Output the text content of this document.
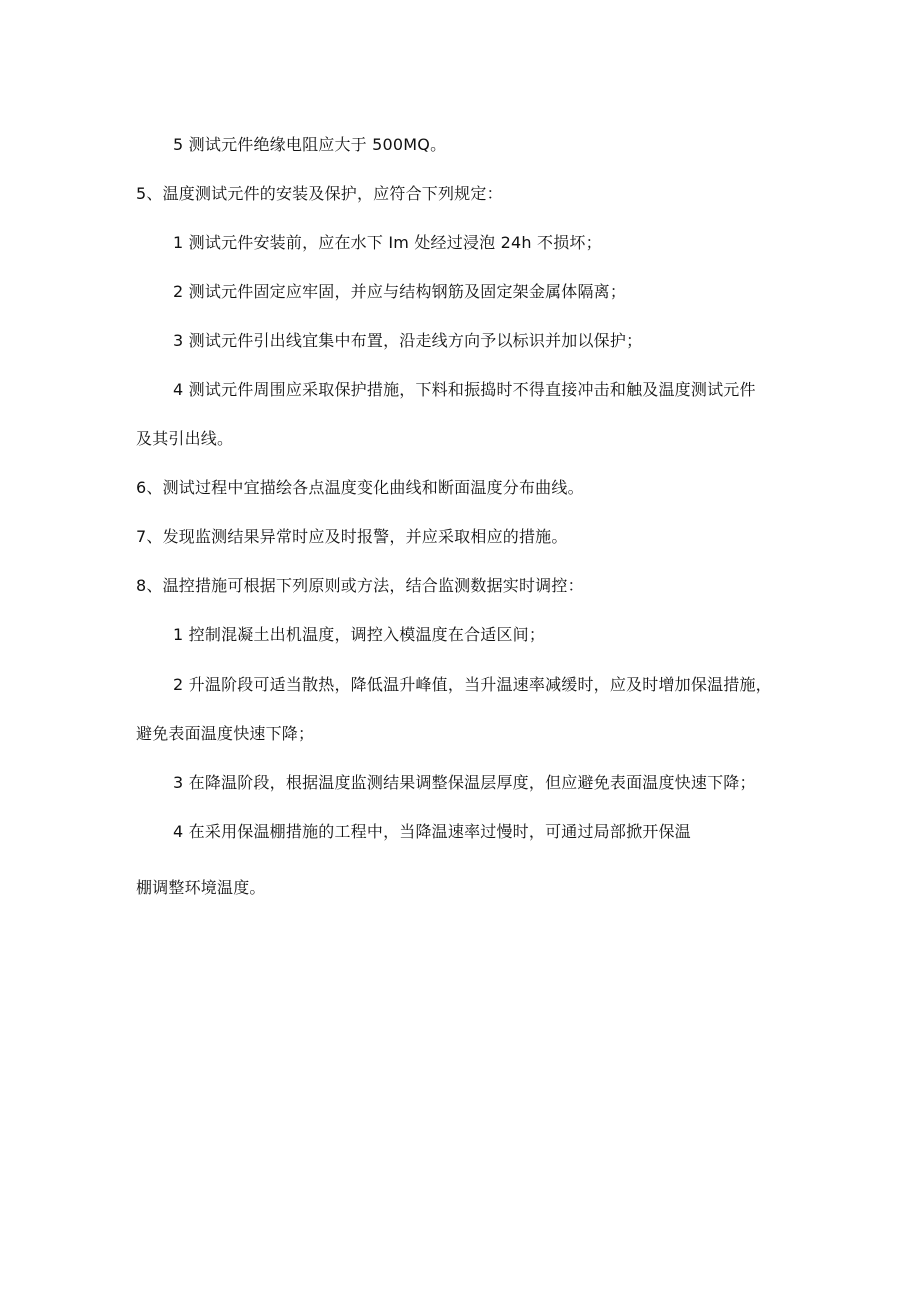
5 测试元件绝缘电阻应大于 500MQ。
5、温度测试元件的安装及保护，应符合下列规定：
1 测试元件安装前，应在水下 Im 处经过浸泡 24h 不损坏；
2 测试元件固定应牢固，并应与结构钢筋及固定架金属体隔离；
3 测试元件引出线宜集中布置，沿走线方向予以标识并加以保护；
4 测试元件周围应采取保护措施，下料和振捣时不得直接冲击和触及温度测试元件
及其引出线。
6、测试过程中宜描绘各点温度变化曲线和断面温度分布曲线。
7、发现监测结果异常时应及时报警，并应采取相应的措施。
8、温控措施可根据下列原则或方法，结合监测数据实时调控：
1 控制混凝土出机温度，调控入模温度在合适区间；
2 升温阶段可适当散热，降低温升峰值，当升温速率减缓时，应及时增加保温措施，
避免表面温度快速下降；
3 在降温阶段，根据温度监测结果调整保温层厚度，但应避免表面温度快速下降；
4 在采用保温棚措施的工程中，当降温速率过慢时，可通过局部掀开保温
棚调整环境温度。
